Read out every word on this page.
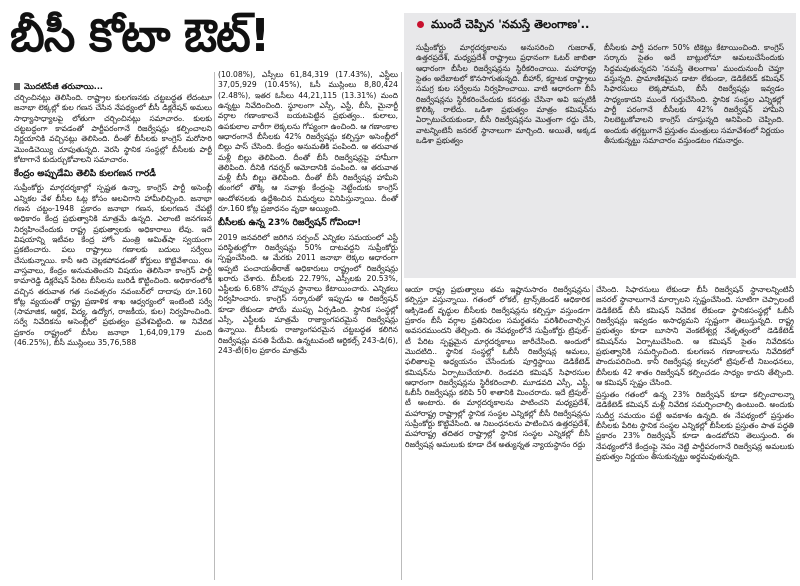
బీసీ కోటా ఔట్!	ముందే చెప్పిన 'నమస్తే తెలంగాణ'..

సుప్రీంకోర్టు మార్గదర్శకాలను అనుసరించి గుజరాత్, ఉత్తరప్రదేశ్, మధ్యప్రదేశ్ రాష్ట్రాలు ప్రధానంగా ఓటర్ జాబితా ఆధారంగా బీసీల రిజర్వేషన్లను స్థిరీకరించాయి. మహారాష్ట్ర సైతం అదేబాటలో కొనసాగుతున్నది. బీహార్, కర్ణాటక రాష్ట్రాలు సమగ్ర కుల సర్వేలను నిర్వహించాయి. వాటి ఆధారంగా బీసీ రిజర్వేషన్లను స్థిరీకరించేందుకు కసరత్తు చేసినా అవి ఇప్పటికీ కొలిక్కి రాలేదు. ఒడిశా ప్రభుత్వం మాత్రం కమిషన్‌ను ఏర్పాటుచేయకుండా, బీసీ రిజర్వేషన్లను మొత్తంగా రద్దు చేసి, వాటన్నింటినీ జనరల్ స్థానాలుగా మార్చింది. అయితే, అక్కడ ఒడిశా ప్రభుత్వం

బీసీలకు పార్టీ పరంగా 50% టికెట్లు కేటాయించింది. కాంగ్రెస్ సర్కారు సైతం అదే బాట్లులోనూ అమలుచేసేందుకు సిద్ధమవుతున్నదని 'నమస్తే తెలంగాణ' ముందునుంచీ చెప్తూ వస్తున్నది. ప్రామాణికమైన డాటా లేకుండా, డెడికేటెడ్ కమిషన్ సిఫారసులు లెక్కపోమని, బీసీ రిజర్వేషన్లు ఇవ్వడం సాధ్యంకాదని ముందే గుర్తుచేసింది. స్థానిక సంస్థల ఎన్నికల్లో పార్టీ పరంగానే బీసీలకు 42% రిజర్వేషన్ హామీని నిలబెట్టుకోవాలని కాంగ్రెస్ చూస్తున్నది అనిపించి చెప్పింది. అందుకు తగ్గట్టుగానే ప్రస్తుతం మంత్రులు సమావేశంలో నిర్ణయం తీసుకున్నట్టు సమాచారం వస్తుండటం గమనార్హం.

మొదటిపేజీ తరువాయి...

చర్చించినట్లు తెలిసింది. రాష్ట్రాల కులగణనకు చట్టబద్ధత లేదంటూ జనాభా లెక్కల్లో కుల గణన చేసిన నేపథ్యంలో బీసీ డిక్లరేషన్ అమలు సాధ్యాసాధ్యాలపై లోతుగా చర్చించినట్లు సమాచారం. కులకు చట్టబద్ధంగా కావడంతో పార్టీపరంగానే రిజర్వేషన్లు కల్పించాలని నిర్ణయానికి వచ్చినట్లు తెలిసింది. దీంతో బీసీలకు కాంగ్రెస్ మరోసారి మొండిచెయ్యి చూపుతున్నది. వెరసి స్థానిక సంస్థల్లో బీసీలకు పార్టీ కోటాగానే కుదుర్చుకోవాలని సమాచారం.

కేంద్రం అప్పుడేమి తెలిపి కులగణన గారడీ

సుప్రీంకోర్టు మార్గదర్శకాల్లో స్పష్టత ఉన్నా, కాంగ్రెస్ పార్టీ అసెంబ్లీ ఎన్నికల వేళ బీసీల ఓట్ల కోసం అలవిగాని హామీలిచ్చింది. జనాభా గణన చట్టం-1948 ప్రకారం జనాభా గణన, కులగణన చేపట్టే అధికారం కేంద్ర ప్రభుత్వానికి మాత్రమే ఉన్నది. ఎలాంటి జనగణన నిర్వహించేందుకు రాష్ట్ర ప్రభుత్వాలకు అధికారాలు లేవు. ఇదే విషయాన్ని ఇటీవల కేంద్ర హోం మంత్రి అమిత్‌షా స్వయంగా ప్రకటించారు. పలు రాష్ట్రాలు గణాలకు బదులు సర్వేలు చేసుకున్నాయి. కానీ అది చెల్లకపోవడంతో కోర్టులు కొట్టివేశాయి. ఈ వాస్తవాలు, కేంద్రం అనుమతించని విషయం తెలిసినా కాంగ్రెస్ పార్టీ కామారెడ్డి డిక్లరేషన్ పేరిట బీసీలను బురిడీ కొట్టించింది. అధికారంలోకి వచ్చిన తరువాత గత సంవత్సరం నవంబర్‌లో దాదాపు రూ.160 కోట్ల వ్యయంతో రాష్ట్ర ప్రణాళిక శాఖ ఆధ్వర్యంలో ఇంటింటి సర్వే (సామాజిక, ఆర్థిక, విద్య, ఉద్యోగ, రాజకీయ, కుల) నిర్వహించింది. సర్వే నివేదికను అసెంబ్లీలో ప్రభుత్వం ప్రవేశపెట్టింది. ఆ నివేదిక ప్రకారం రాష్ట్రంలో బీసీల జనాభా 1,64,09,179 మంది (46.25%), బీసీ ముస్లింలు 35,76,588

(10.08%), ఎస్సీలు 61,84,319 (17.43%), ఎస్టీలు 37,05,929 (10.45%), ఓసీ ముస్లింలు 8,80,424 (2.48%), ఇతర ఓసీలు 44,21,115 (13.31%) మంది ఉన్నట్టు నివేదించింది. స్థూలంగా ఎస్సీ, ఎస్టీ, బీసీ, మైనార్టీ వర్గాల గణాంకాలనే బయటపెట్టిన ప్రభుత్వం.. కులాలు, ఉపకులాల వారీగా లెక్కలను గోప్యంగా ఉంచింది. ఆ గణాంకాల ఆధారంగానే బీసీలకు 42% రిజర్వేషన్లు కల్పిస్తూ అసెంబ్లీలో బిల్లు పాస్ చేసింది. కేంద్రం అనుమతికి పంపింది. ఆ తరువాత మళ్లీ బిల్లు తెలిపింది. దీంతో బీసీ రిజర్వేషన్లపై హామీగా తెలిపింది. దీనికి గవర్నర్ ఆమోదానికి పంపింది. ఆ తరువాత మళ్లీ బీసీ బిల్లు తెలిపింది. దీంతో బీసీ రిజర్వేషన్ల హామీని తుంగలో తొక్కి ఆ సవాళ్లు కేంద్రంపై నెట్టేందుకు కాంగ్రెస్ ఆందోళనలకు ఉద్దేశించిన విమర్శలు వినిపిస్తున్నాయి. దీంతో రూ.160 కోట్ల ప్రజాధనం వృథా అయ్యింది.

బీసీలకు ఉన్న 23% రిజర్వేషన్ గోవిందా!

2019 జనవరిలో జరిగిన సర్పంచ్ ఎన్నికల సమయంలో ఎస్టీ పరిస్థితుల్లోగా రిజర్వేషన్లు 50% దాటవద్దని సుప్రీంకోర్టు స్పష్టంచేసింది. ఆ మేరకు 2011 జనాభా లెక్కల ఆధారంగా అప్పటి పంచాయతీరాజ్ అధికారులు రాష్ట్రంలో రిజర్వేషన్లు ఖరారు చేశారు. బీసీలకు 22.79%, ఎస్సీలకు 20.53%, ఎస్టీలకు 6.68% చొప్పున స్థానాలు కేటాయించారు. ఎన్నికలు నిర్వహించారు. కాంగ్రెస్ సర్కారుతో ఇప్పుడు ఆ రిజర్వేషన్ కూడా లేకుండా పోయే ముప్పు ఏర్పడింది. స్థానిక సంస్థల్లో ఎస్సీ, ఎస్టీలకు మాత్రమే రాజ్యాంగపరమైన రిజర్వేషన్లు ఉన్నాయి. బీసీలకు రాజ్యాంగపరమైన చట్టబద్ధత కలిగిన రిజర్వేషన్లు వసతి పేయేవి. ఉన్నటువంటి ఆర్టికల్స్ 243-డి(6), 243-టీ(6)ల ప్రకారం మాత్రమే

ఆయా రాష్ట్ర ప్రభుత్వాలు తమ ఇష్టానుసారం రిజర్వేషన్లను కల్పిస్తూ వస్తున్నాయి. గతంలో లోకల్, ట్రాన్స్‌జెండర్ ఆధికారిక ఆక్సిడెంట్ వృద్ధుల బీసీలకు రిజర్వేషన్లను కల్పిస్తూ వస్తుండగా ప్రకారం బీసీ వర్గాల ప్రతినిధుల సమర్థతను పరిశీలించాల్సిన అవసరముందని తేల్చింది. ఈ నేపథ్యంలోనే సుప్రీంకోర్టు ట్రిపుల్-టీ పేరిట స్పష్టమైన మార్గదర్శకాలు జారీచేసింది. అందులో మొదటిది.. స్థానిక సంస్థల్లో ఓబీసీ రిజర్వేషన్ల అమలు, ఫలితాలపై అధ్యయనం చేసేందుకు పూర్తిస్థాయి డెడికేటెడ్ కమిషన్‌ను ఏర్పాటుచేయాలి. రెండవది కమిషన్ సిఫారసుల ఆధారంగా రిజర్వేషన్లను స్థిరీకరించాలి. మూడవది ఎస్సీ, ఎస్టీ, ఓబీసీ రిజర్వేషన్లు కలిపి 50 శాతానికి మించరాదు. ఇదే ట్రిపుల్-టీ ఆంటారు. ఈ మార్గదర్శకాలను పాటించని మధ్యప్రదేశ్, మహారాష్ట్ర రాష్ట్రాల్లో స్థానిక సంస్థల ఎన్నికల్లో బీసీ రిజర్వేషన్లను సుప్రీంకోర్టు కొట్టివేసింది. ఆ నిబంధనలను పాటించిన ఉత్తరప్రదేశ్, మహారాష్ట్ర తదితర రాష్ట్రాల్లో స్థానిక సంస్థల ఎన్నికల్లో బీసీ రిజర్వేషన్ల అమలుకు కూడా దేశ అత్యున్నత న్యాయస్థానం రద్దు

చేసింది. సిఫారసులు లేకుండా బీసీ రిజర్వేషన్ స్థానాలన్నింటినీ జనరల్ స్థానాలుగానే మార్చాలని స్పష్టంచేసింది. సూటిగా చెప్పాలంటే డెడికేటెడ్ బీసీ కమిషన్ నివేదిక లేకుండా స్థానికసంస్థల్లో ఓబీసీ రిజర్వేషన్లు ఇవ్వడం అసాధ్యమని స్పష్టంగా తెలుస్తున్నది. రాష్ట్ర ప్రభుత్వం కూడా బూసాని వెంకటేశ్వర్ల నేతృత్వంలో డెడికేటెడ్ కమిషన్‌ను ఏర్పాటుచేసింది. ఆ కమిషన్ సైతం నివేదికను ప్రభుత్వానికి సమర్పించింది. కులగణన గణాంకాలను నివేదికలో పొందుపరిచింది. కానీ రిజర్వేషన్ల కల్పనలో ట్రిపుల్-టీ నిబంధనలు, బీసీలకు 42 శాతం రిజర్వేషన్ కల్పించడం సాధ్యం కాదని తేల్చింది. ఆ కమిషన్ స్పష్టం చేసింది.

ప్రస్తుతం గతంలో ఉన్న 23% రిజర్వేషన్ కూడా కల్పించాలన్నా డెడికేటెడ్ కమిషన్ మళ్లీ నివేదిక సమర్పించాల్సి ఉంటుంది. అందుకు సుదీర్ఘ సమయం పట్టే అవకాశం ఉన్నది. ఈ నేపథ్యంలో ప్రస్తుతం బీసీలకు పేరిట స్థానిక సంస్థల ఎన్నికల్లో బీసీలకు ప్రస్తుతం పాత పద్ధతి ప్రకారం 23% రిజర్వేషన్ కూడా ఉండబోదని తెలుస్తుంది. ఈ నేపథ్యంలోనే కేంద్రంపై నెపం నెట్టి పార్టీపరంగానే రిజర్వేషన్ల అమలుకు ప్రభుత్వం నిర్ణయం తీసుకున్నట్టు అర్థమవుతున్నది.
